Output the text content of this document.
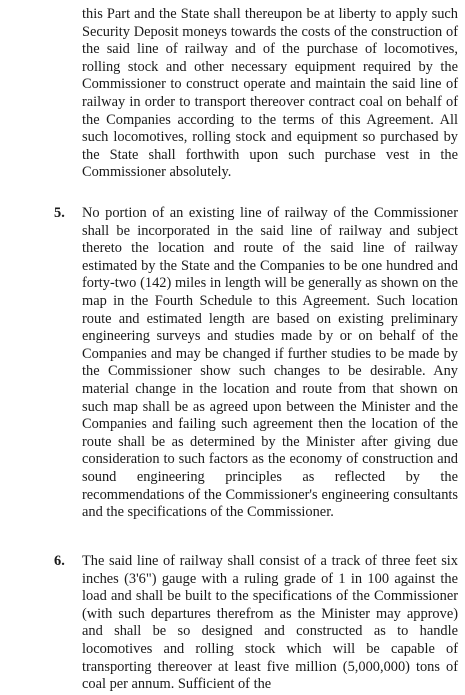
this Part and the State shall thereupon be at liberty to apply such Security Deposit moneys towards the costs of the construction of the said line of railway and of the purchase of locomotives, rolling stock and other necessary equipment required by the Commissioner to construct operate and maintain the said line of railway in order to transport thereover contract coal on behalf of the Companies according to the terms of this Agreement. All such locomotives, rolling stock and equipment so purchased by the State shall forthwith upon such purchase vest in the Commissioner absolutely.

5. No portion of an existing line of railway of the Commissioner shall be incorporated in the said line of railway and subject thereto the location and route of the said line of railway estimated by the State and the Companies to be one hundred and forty-two (142) miles in length will be generally as shown on the map in the Fourth Schedule to this Agreement. Such location route and estimated length are based on existing preliminary engineering surveys and studies made by or on behalf of the Companies and may be changed if further studies to be made by the Commissioner show such changes to be desirable. Any material change in the location and route from that shown on such map shall be as agreed upon between the Minister and the Companies and failing such agreement then the location of the route shall be as determined by the Minister after giving due consideration to such factors as the economy of construction and sound engineering principles as reflected by the recommendations of the Commissioner's engineering consultants and the specifications of the Commissioner.

6. The said line of railway shall consist of a track of three feet six inches (3'6") gauge with a ruling grade of 1 in 100 against the load and shall be built to the specifications of the Commissioner (with such departures therefrom as the Minister may approve) and shall be so designed and constructed as to handle locomotives and rolling stock which will be capable of transporting thereover at least five million (5,000,000) tons of coal per annum. Sufficient of the
